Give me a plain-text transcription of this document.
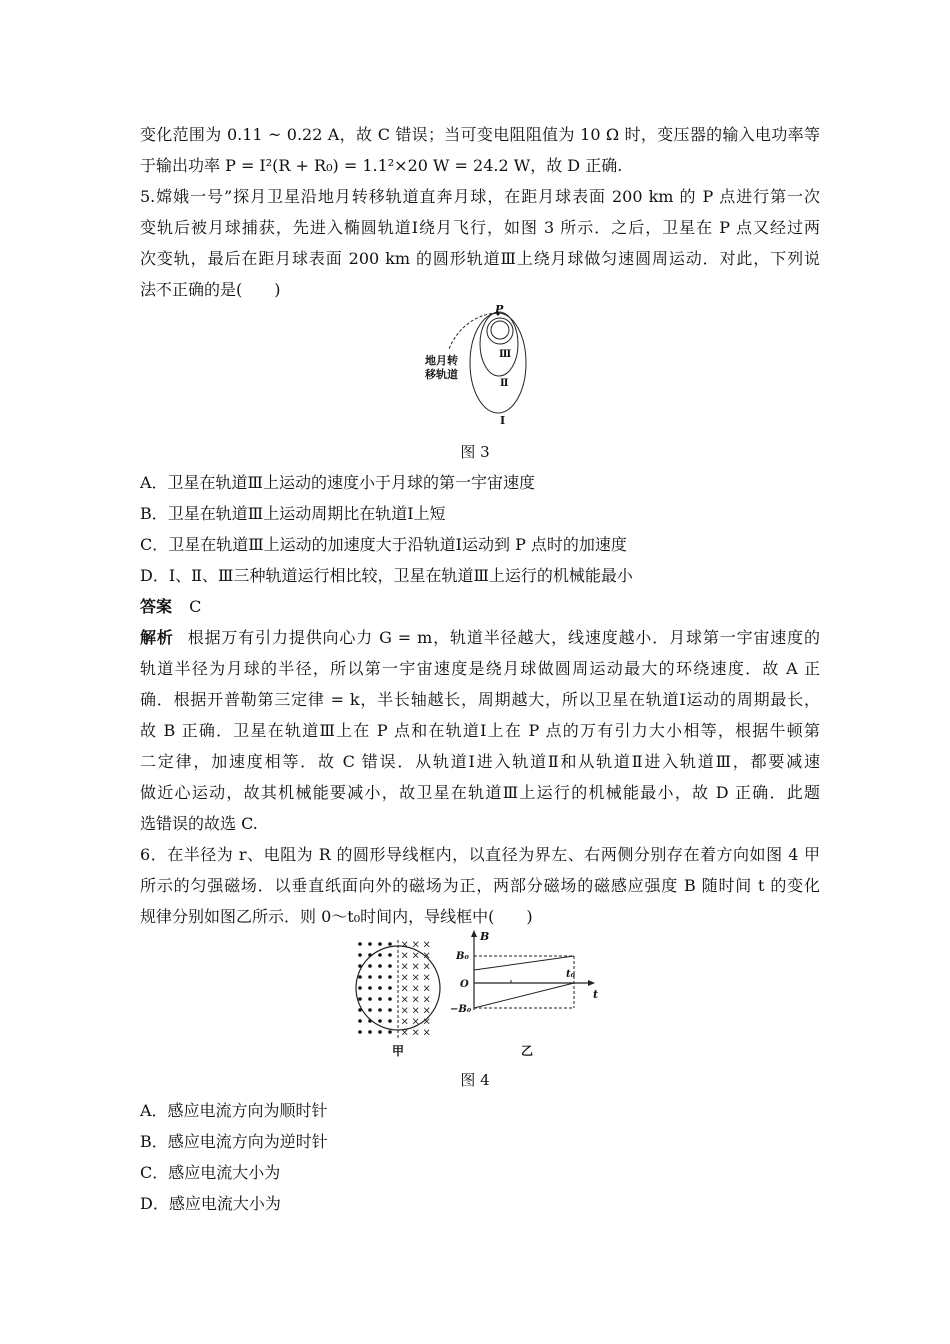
变化范围为 0.11 ~ 0.22 A，故 C 错误；当可变电阻阻值为 10 Ω 时，变压器的输入电功率等
于输出功率 P = I²(R + R₀) = 1.1²×20 W = 24.2 W，故 D 正确.
5.嫦娥一号”探月卫星沿地月转移轨道直奔月球，在距月球表面 200 km 的 P 点进行第一次
变轨后被月球捕获，先进入椭圆轨道Ⅰ绕月飞行，如图 3 所示．之后，卫星在 P 点又经过两
次变轨，最后在距月球表面 200 km 的圆形轨道Ⅲ上绕月球做匀速圆周运动．对此，下列说
法不正确的是(　　)
P
地月转
移轨道
Ⅲ
Ⅱ
Ⅰ
图 3
A．卫星在轨道Ⅲ上运动的速度小于月球的第一宇宙速度
B．卫星在轨道Ⅲ上运动周期比在轨道Ⅰ上短
C．卫星在轨道Ⅲ上运动的加速度大于沿轨道Ⅰ运动到 P 点时的加速度
D．Ⅰ、Ⅱ、Ⅲ三种轨道运行相比较，卫星在轨道Ⅲ上运行的机械能最小
答案 C
解析 根据万有引力提供向心力 G = m，轨道半径越大，线速度越小．月球第一宇宙速度的
轨道半径为月球的半径，所以第一宇宙速度是绕月球做圆周运动最大的环绕速度．故 A 正
确．根据开普勒第三定律 = k，半长轴越长，周期越大，所以卫星在轨道Ⅰ运动的周期最长，
故 B 正确．卫星在轨道Ⅲ上在 P 点和在轨道Ⅰ上在 P 点的万有引力大小相等，根据牛顿第
二定律，加速度相等．故 C 错误．从轨道Ⅰ进入轨道Ⅱ和从轨道Ⅱ进入轨道Ⅲ，都要减速
做近心运动，故其机械能要减小，故卫星在轨道Ⅲ上运行的机械能最小，故 D 正确．此题
选错误的故选 C.
6．在半径为 r、电阻为 R 的圆形导线框内，以直径为界左、右两侧分别存在着方向如图 4 甲
所示的匀强磁场．以垂直纸面向外的磁场为正，两部分磁场的磁感应强度 B 随时间 t 的变化
规律分别如图乙所示．则 0～t₀时间内，导线框中(　　)
× × ×
× × ×
× × ×
× × ×
× × ×
× × ×
× × ×
× × ×
× × ×
甲
B
t
B₀
O
−B₀
t₀
乙
图 4
A．感应电流方向为顺时针
B．感应电流方向为逆时针
C．感应电流大小为
D．感应电流大小为
